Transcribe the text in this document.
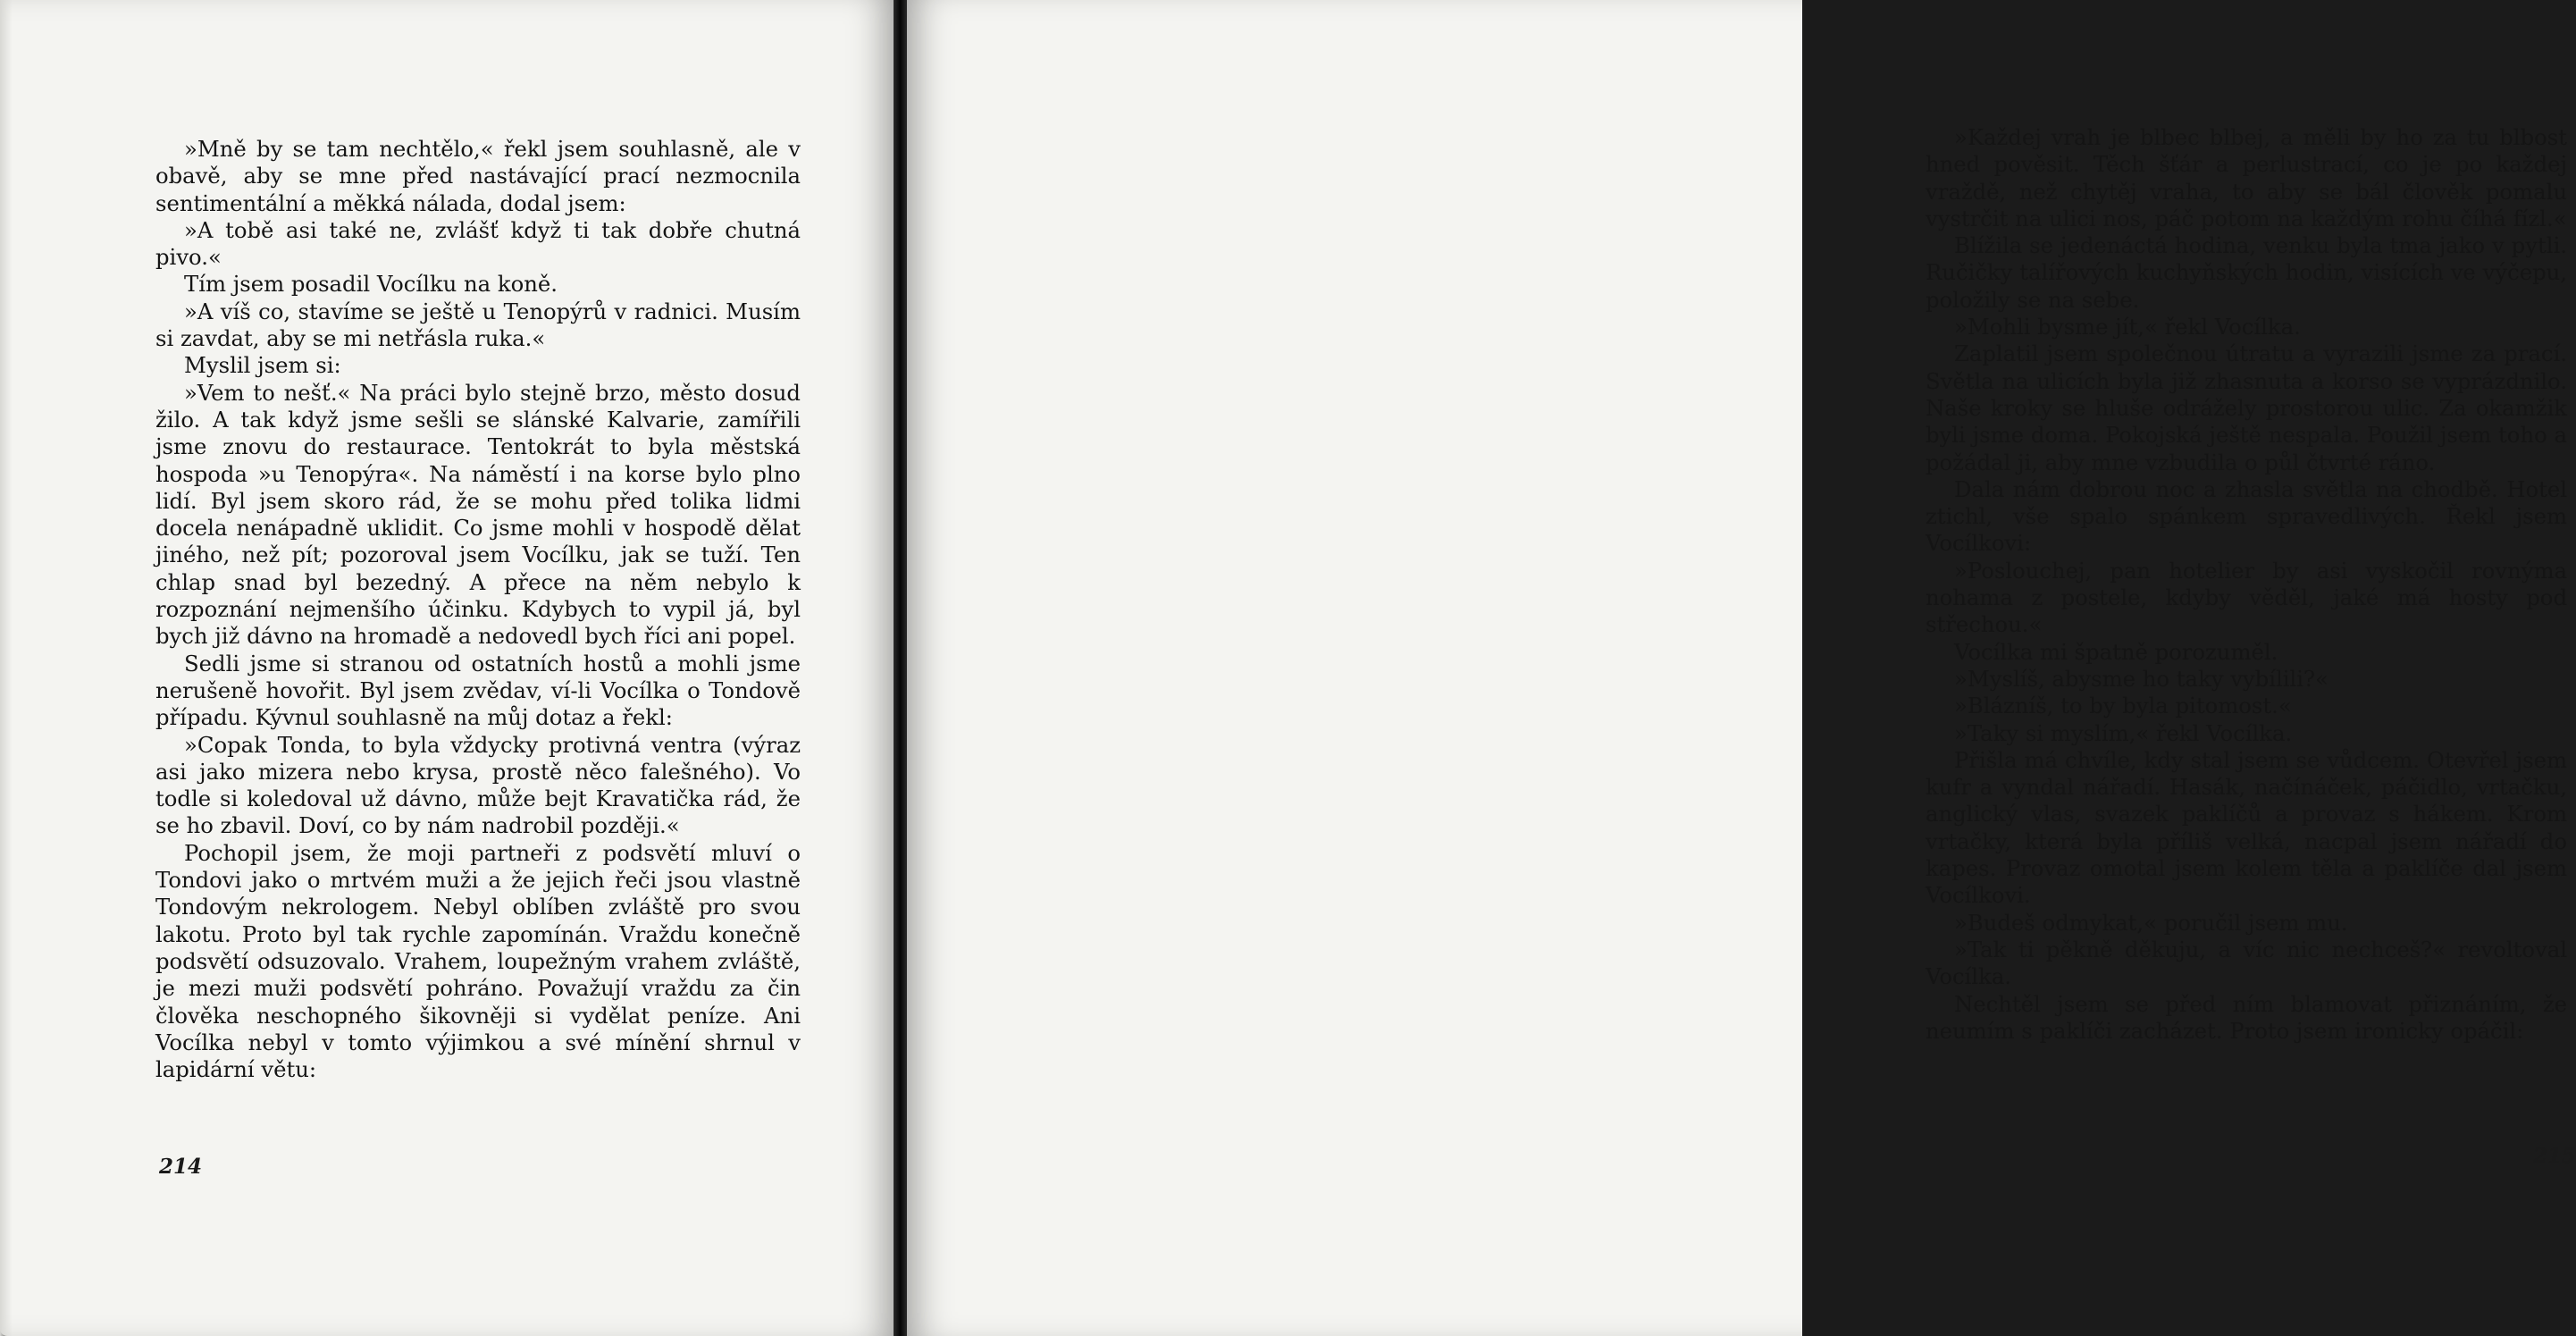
»Mně by se tam nechtělo,« řekl jsem souhlasně, ale v obavě, aby se mne před nastávající prací nezmocnila sentimentální a měkká nálada, dodal jsem:

»A tobě asi také ne, zvlášť když ti tak dobře chutná pivo.«

Tím jsem posadil Vocílku na koně.

»A víš co, stavíme se ještě u Tenopýrů v radnici. Musím si zavdat, aby se mi netřásla ruka.«

Myslil jsem si:

»Vem to nešť.« Na práci bylo stejně brzo, město dosud žilo. A tak když jsme sešli se slánské Kalvarie, zamířili jsme znovu do restaurace. Tentokrát to byla městská hospoda »u Tenopýra«. Na náměstí i na korse bylo plno lidí. Byl jsem skoro rád, že se mohu před tolika lidmi docela nenápadně uklidit. Co jsme mohli v hospodě dělat jiného, než pít; pozoroval jsem Vocílku, jak se tuží. Ten chlap snad byl bezedný. A přece na něm nebylo k rozpoznání nejmenšího účinku. Kdybych to vypil já, byl bych již dávno na hromadě a nedovedl bych říci ani popel.

Sedli jsme si stranou od ostatních hostů a mohli jsme nerušeně hovořit. Byl jsem zvědav, ví-li Vocílka o Tondově případu. Kývnul souhlasně na můj dotaz a řekl:

»Copak Tonda, to byla vždycky protivná ventra (výraz asi jako mizera nebo krysa, prostě něco falešného). Vo todle si koledoval už dávno, může bejt Kravatička rád, že se ho zbavil. Doví, co by nám nadrobil později.«

Pochopil jsem, že moji partneři z podsvětí mluví o Tondovi jako o mrtvém muži a že jejich řeči jsou vlastně Tondovým nekrologem. Nebyl oblíben zvláště pro svou lakotu. Proto byl tak rychle zapomínán. Vraždu konečně podsvětí odsuzovalo. Vrahem, loupežným vrahem zvláště, je mezi muži podsvětí pohráno. Považují vraždu za čin člověka neschopného šikovněji si vydělat peníze. Ani Vocílka nebyl v tomto výjimkou a své mínění shrnul v lapidární větu:

214

»Každej vrah je blbec blbej, a měli by ho za tu blbost hned pověsit. Těch šťár a perlustrací, co je po každej vraždě, než chytěj vraha, to aby se bál člověk pomalu vystrčit na ulici nos, páč potom na každým rohu číhá fízl.«

Blížila se jedenáctá hodina, venku byla tma jako v pytli. Ručičky talířových kuchyňských hodin, visících ve výčepu, položily se na sebe.

»Mohli bysme jít,« řekl Vocílka.

Zaplatil jsem společnou útratu a vyrazili jsme za prací. Světla na ulicích byla již zhasnuta a korso se vyprázdnilo. Naše kroky se hluše odrážely prostorou ulic. Za okamžik byli jsme doma. Pokojská ještě nespala. Použil jsem toho a požádal ji, aby mne vzbudila o půl čtvrté ráno.

Dala nám dobrou noc a zhasla světla na chodbě. Hotel ztichl, vše spalo spánkem spravedlivých. Řekl jsem Vocílkovi:

»Poslouchej, pan hotelier by asi vyskočil rovnýma nohama z postele, kdyby věděl, jaké má hosty pod střechou.«

Vocílka mi špatně porozuměl.

»Myslíš, abysme ho taky vybílili?«

»Blázníš, to by byla pitomost.«

»Taky si myslím,« řekl Vocílka.

Přišla má chvíle, kdy stal jsem se vůdcem. Otevřel jsem kufr a vyndal nářadí. Hasák, načínáček, páčidlo, vrtačku, anglický vlas, svazek paklíčů a provaz s hákem. Krom vrtačky, která byla příliš velká, nacpal jsem nářadí do kapes. Provaz omotal jsem kolem těla a paklíče dal jsem Vocílkovi.

»Budeš odmykat,« poručil jsem mu.

»Tak ti pěkně děkuju, a víc nic nechceš?« revoltoval Vocílka.

Nechtěl jsem se před ním blamovat přiznáním, že neumím s paklíči zacházet. Proto jsem ironicky opáčil:

215
